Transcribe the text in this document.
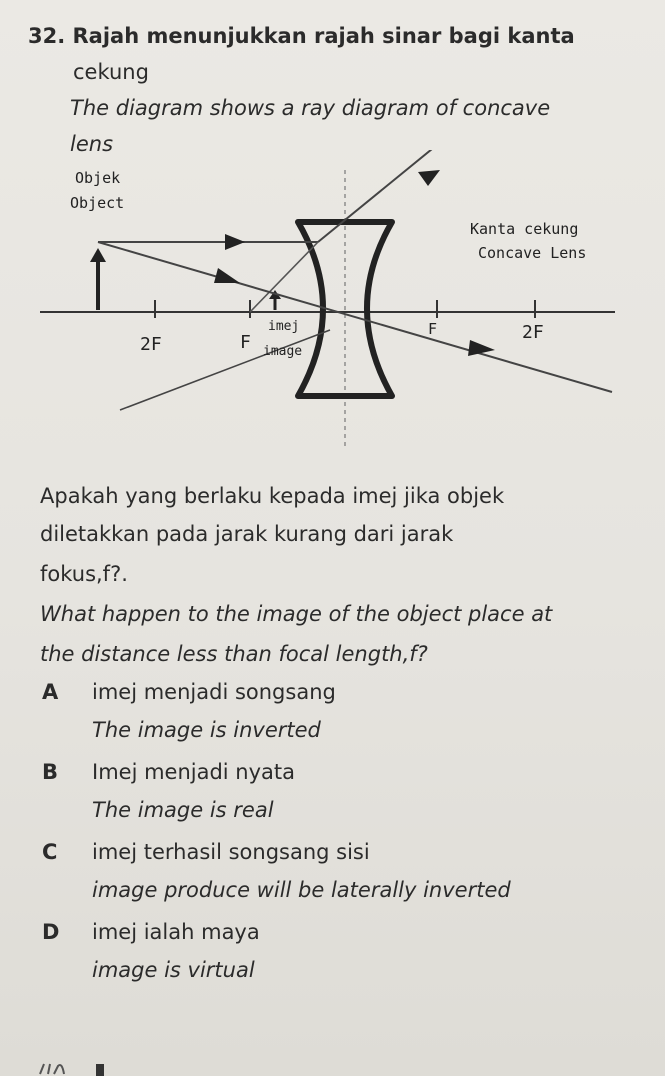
32. Rajah menunjukkan rajah sinar bagi kanta
cekung
The diagram shows a ray diagram of concave
lens
Objek
Object
Kanta cekung
Concave Lens
2F	F
imej
image
F	2F
Apakah yang berlaku kepada imej jika objek
diletakkan pada jarak kurang dari jarak
fokus,f?.
What happen to the image of the object place at
the distance less than focal length,f?
A imej menjadi songsang
The image is inverted
B Imej menjadi nyata
The image is real
C imej terhasil songsang sisi
image produce will be laterally inverted
D imej ialah maya
image is virtual
